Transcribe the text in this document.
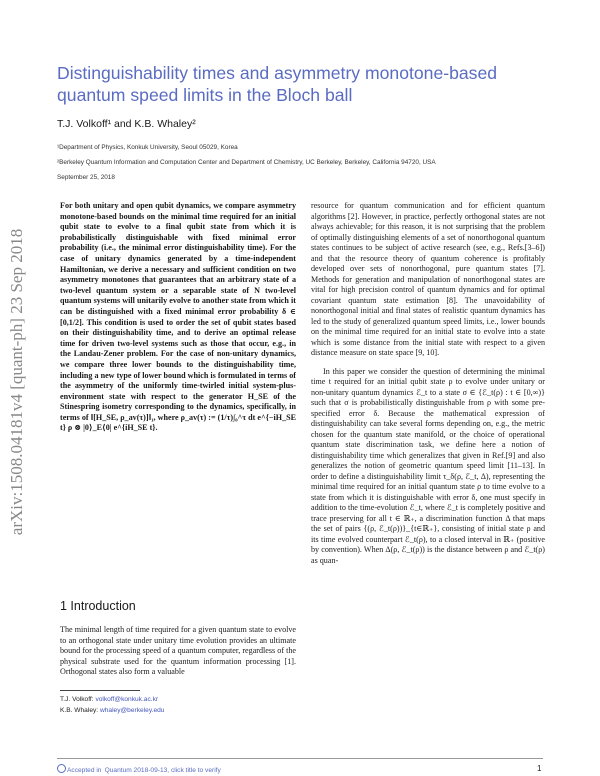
Distinguishability times and asymmetry monotone-based quantum speed limits in the Bloch ball
T.J. Volkoff¹ and K.B. Whaley²
¹Department of Physics, Konkuk University, Seoul 05029, Korea
²Berkeley Quantum Information and Computation Center and Department of Chemistry, UC Berkeley, Berkeley, California 94720, USA
September 25, 2018
arXiv:1508.04181v4 [quant-ph] 23 Sep 2018
For both unitary and open qubit dynamics, we compare asymmetry monotone-based bounds on the minimal time required for an initial qubit state to evolve to a final qubit state from which it is probabilistically distinguishable with fixed minimal error probability (i.e., the minimal error distinguishability time). For the case of unitary dynamics generated by a time-independent Hamiltonian, we derive a necessary and sufficient condition on two asymmetry monotones that guarantees that an arbitrary state of a two-level quantum system or a separable state of N two-level quantum systems will unitarily evolve to another state from which it can be distinguished with a fixed minimal error probability δ ∈ [0,1/2]. This condition is used to order the set of qubit states based on their distinguishability time, and to derive an optimal release time for driven two-level systems such as those that occur, e.g., in the Landau-Zener problem. For the case of non-unitary dynamics, we compare three lower bounds to the distinguishability time, including a new type of lower bound which is formulated in terms of the asymmetry of the uniformly time-twirled initial system-plus-environment state with respect to the generator H_SE of the Stinespring isometry corresponding to the dynamics, specifically, in terms of ‖[H_SE, ρ_av(τ)]‖₁, where ρ_av(τ) := (1/τ)∫₀^τ dt e^{−iH_SE t} ρ ⊗ |0⟩_E⟨0| e^{iH_SE t}.
1 Introduction
The minimal length of time required for a given quantum state to evolve to an orthogonal state under unitary time evolution provides an ultimate bound for the processing speed of a quantum computer, regardless of the physical substrate used for the quantum information processing [1]. Orthogonal states also form a valuable
T.J. Volkoff: volkoff@konkuk.ac.kr
K.B. Whaley: whaley@berkeley.edu

resource for quantum communication and for efficient quantum algorithms [2]. However, in practice, perfectly orthogonal states are not always achievable; for this reason, it is not surprising that the problem of optimally distinguishing elements of a set of nonorthogonal quantum states continues to be subject of active research (see, e.g., Refs.[3–6]) and that the resource theory of quantum coherence is profitably developed over sets of nonorthogonal, pure quantum states [7]. Methods for generation and manipulation of nonorthogonal states are vital for high precision control of quantum dynamics and for optimal covariant quantum state estimation [8]. The unavoidability of nonorthogonal initial and final states of realistic quantum dynamics has led to the study of generalized quantum speed limits, i.e., lower bounds on the minimal time required for an initial state to evolve into a state which is some distance from the initial state with respect to a given distance measure on state space [9, 10].

In this paper we consider the question of determining the minimal time t required for an initial qubit state ρ to evolve under unitary or non-unitary quantum dynamics ℰ_t to a state σ ∈ {ℰ_t(ρ) : t ∈ [0,∞)} such that σ is probabilistically distinguishable from ρ with some pre-specified error δ. Because the mathematical expression of distinguishability can take several forms depending on, e.g., the metric chosen for the quantum state manifold, or the choice of operational quantum state discrimination task, we define here a notion of distinguishability time which generalizes that given in Ref.[9] and also generalizes the notion of geometric quantum speed limit [11–13]. In order to define a distinguishability limit τ_δ(ρ, ℰ_t, Δ), representing the minimal time required for an initial quantum state ρ to time evolve to a state from which it is distinguishable with error δ, one must specify in addition to the time-evolution ℰ_t, where ℰ_t is completely positive and trace preserving for all t ∈ ℝ₊, a discrimination function Δ that maps the set of pairs {(ρ, ℰ_t(ρ))}_{t∈ℝ₊}, consisting of initial state ρ and its time evolved counterpart ℰ_t(ρ), to a closed interval in ℝ₊ (positive by convention). When Δ(ρ, ℰ_t(ρ)) is the distance between ρ and ℰ_t(ρ) as quan-

Accepted in  Quantum 2018-09-13, click title to verify	1
